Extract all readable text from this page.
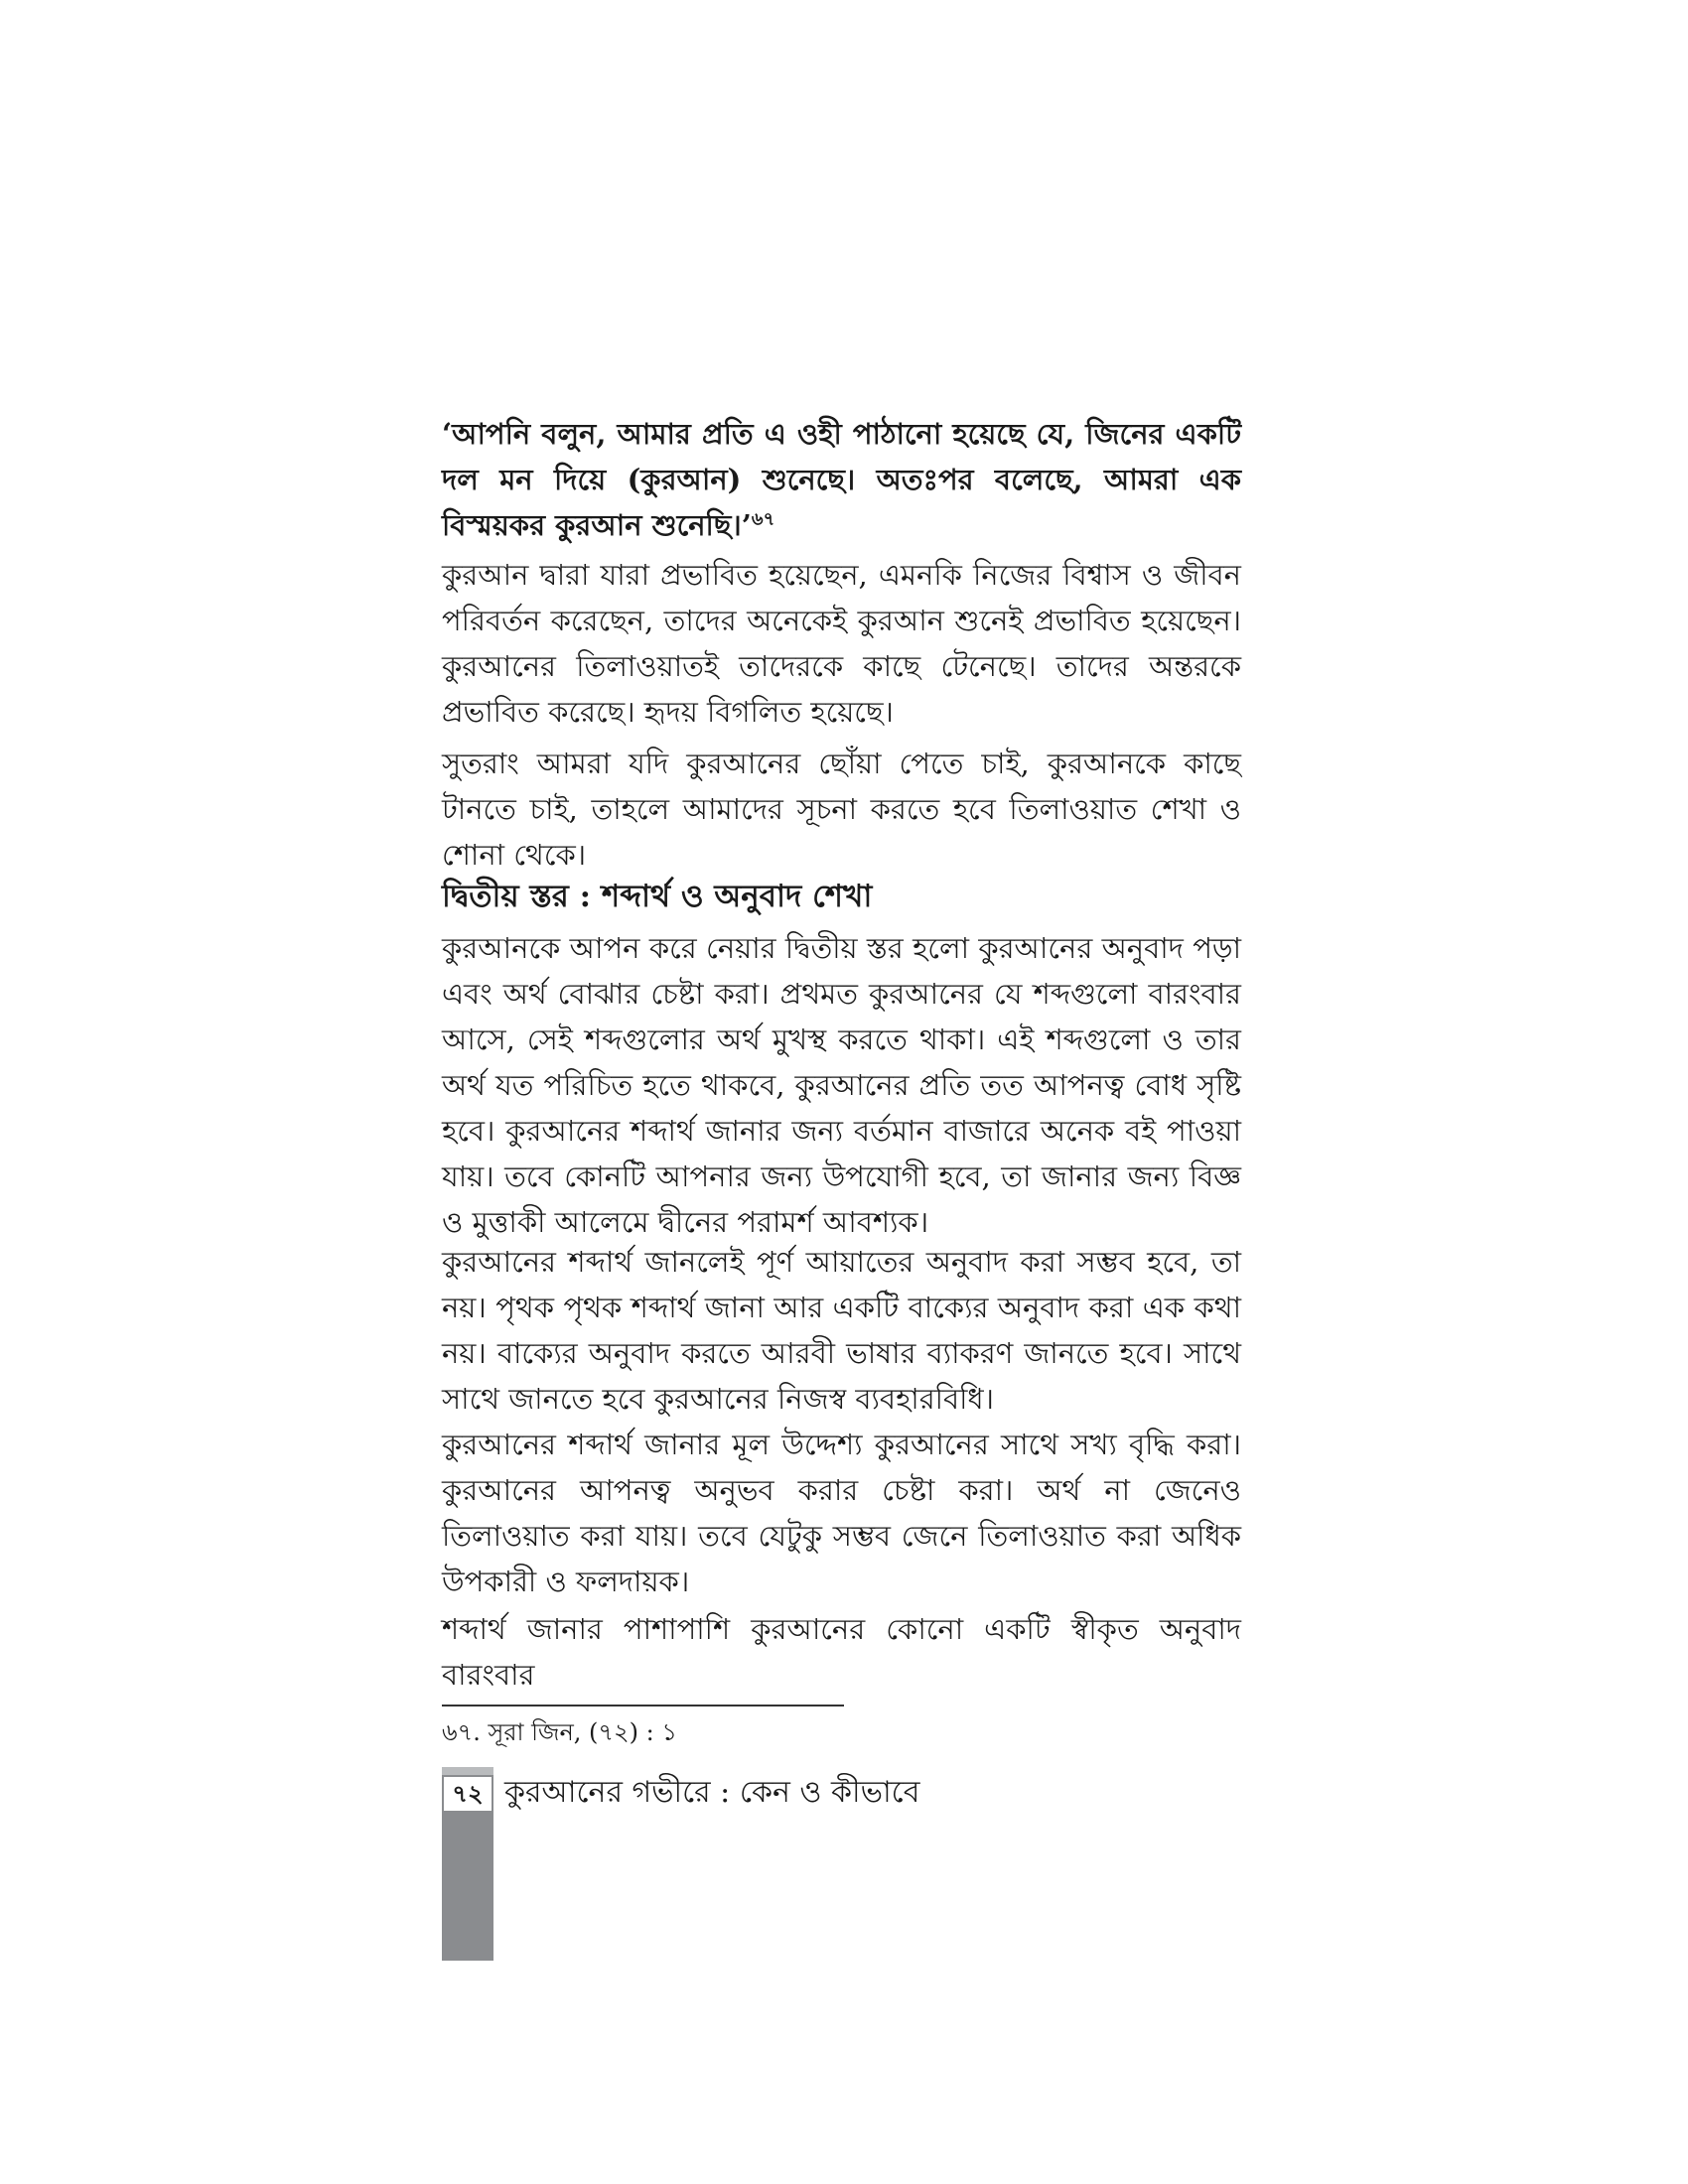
‘আপনি বলুন, আমার প্রতি এ ওহী পাঠানো হয়েছে যে, জিনের একটি দল মন দিয়ে (কুরআন) শুনেছে। অতঃপর বলেছে, আমরা এক বিস্ময়কর কুরআন শুনেছি।’$^{৬৭}$

কুরআন দ্বারা যারা প্রভাবিত হয়েছেন, এমনকি নিজের বিশ্বাস ও জীবন পরিবর্তন করেছেন, তাদের অনেকেই কুরআন শুনেই প্রভাবিত হয়েছেন। কুরআনের তিলাওয়াতই তাদেরকে কাছে টেনেছে। তাদের অন্তরকে প্রভাবিত করেছে। হৃদয় বিগলিত হয়েছে।

সুতরাং আমরা যদি কুরআনের ছোঁয়া পেতে চাই, কুরআনকে কাছে টানতে চাই, তাহলে আমাদের সূচনা করতে হবে তিলাওয়াত শেখা ও শোনা থেকে।

দ্বিতীয় স্তর : শব্দার্থ ও অনুবাদ শেখা

কুরআনকে আপন করে নেয়ার দ্বিতীয় স্তর হলো কুরআনের অনুবাদ পড়া এবং অর্থ বোঝার চেষ্টা করা। প্রথমত কুরআনের যে শব্দগুলো বারংবার আসে, সেই শব্দগুলোর অর্থ মুখস্থ করতে থাকা। এই শব্দগুলো ও তার অর্থ যত পরিচিত হতে থাকবে, কুরআনের প্রতি তত আপনত্ব বোধ সৃষ্টি হবে। কুরআনের শব্দার্থ জানার জন্য বর্তমান বাজারে অনেক বই পাওয়া যায়। তবে কোনটি আপনার জন্য উপযোগী হবে, তা জানার জন্য বিজ্ঞ ও মুত্তাকী আলেমে দ্বীনের পরামর্শ আবশ্যক।

কুরআনের শব্দার্থ জানলেই পূর্ণ আয়াতের অনুবাদ করা সম্ভব হবে, তা নয়। পৃথক পৃথক শব্দার্থ জানা আর একটি বাক্যের অনুবাদ করা এক কথা নয়। বাক্যের অনুবাদ করতে আরবী ভাষার ব্যাকরণ জানতে হবে। সাথে সাথে জানতে হবে কুরআনের নিজস্ব ব্যবহারবিধি।

কুরআনের শব্দার্থ জানার মূল উদ্দেশ্য কুরআনের সাথে সখ্য বৃদ্ধি করা। কুরআনের আপনত্ব অনুভব করার চেষ্টা করা। অর্থ না জেনেও তিলাওয়াত করা যায়। তবে যেটুকু সম্ভব জেনে তিলাওয়াত করা অধিক উপকারী ও ফলদায়ক।

শব্দার্থ জানার পাশাপাশি কুরআনের কোনো একটি স্বীকৃত অনুবাদ বারংবার

৬৭. সূরা জিন, (৭২) : ১

৭২ কুরআনের গভীরে : কেন ও কীভাবে
